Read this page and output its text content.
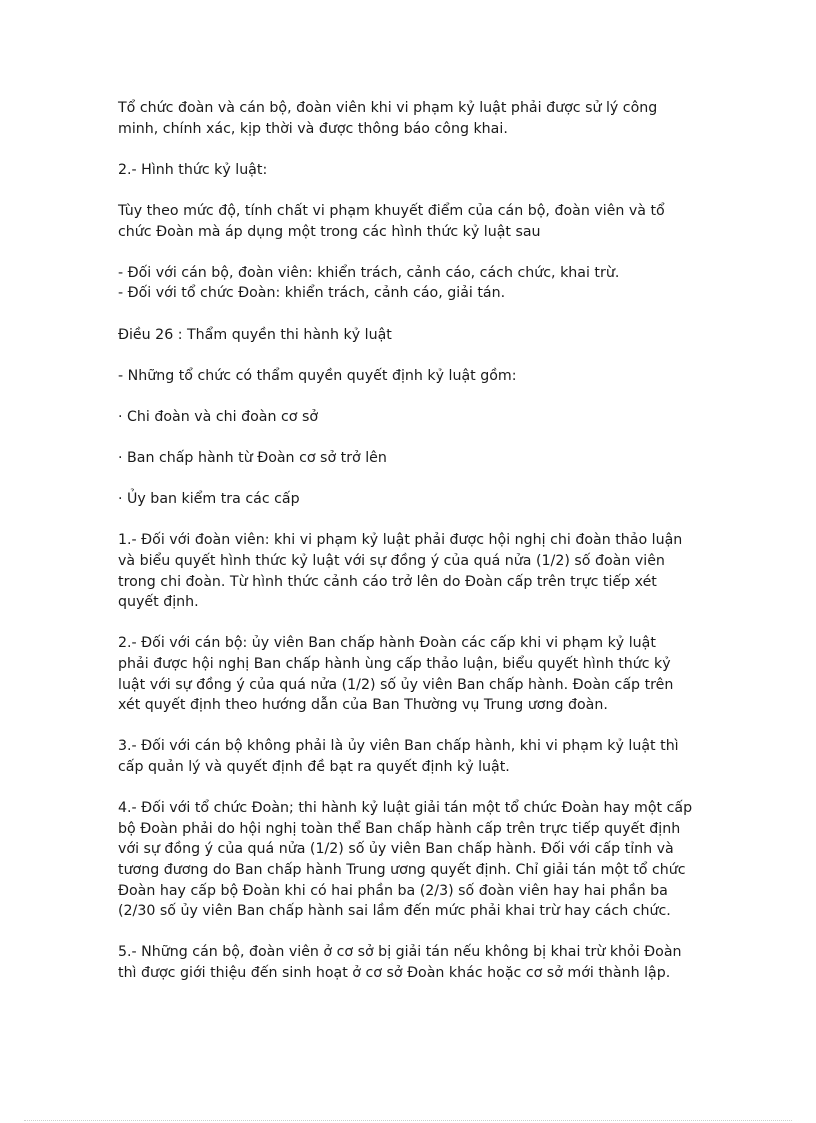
Tổ chức đoàn và cán bộ, đoàn viên khi vi phạm kỷ luật phải được sử lý công
minh, chính xác, kịp thời và được thông báo công khai.

2.- Hình thức kỷ luật:

Tùy theo mức độ, tính chất vi phạm khuyết điểm của cán bộ, đoàn viên và tổ
chức Đoàn mà áp dụng một trong các hình thức kỷ luật sau

- Đối với cán bộ, đoàn viên: khiển trách, cảnh cáo, cách chức, khai trừ.
- Đối với tổ chức Đoàn: khiển trách, cảnh cáo, giải tán.

Điều 26 : Thẩm quyền thi hành kỷ luật

- Những tổ chức có thẩm quyền quyết định kỷ luật gồm:

· Chi đoàn và chi đoàn cơ sở

· Ban chấp hành từ Đoàn cơ sở trở lên

· Ủy ban kiểm tra các cấp

1.- Đối với đoàn viên: khi vi phạm kỷ luật phải được hội nghị chi đoàn thảo luận
và biểu quyết hình thức kỷ luật với sự đồng ý của quá nửa (1/2) số đoàn viên
trong chi đoàn. Từ hình thức cảnh cáo trở lên do Đoàn cấp trên trực tiếp xét
quyết định.

2.- Đối với cán bộ: ủy viên Ban chấp hành Đoàn các cấp khi vi phạm kỷ luật
phải được hội nghị Ban chấp hành ùng cấp thảo luận, biểu quyết hình thức kỷ
luật với sự đồng ý của quá nửa (1/2) số ủy viên Ban chấp hành. Đoàn cấp trên
xét quyết định theo hướng dẫn của Ban Thường vụ Trung ương đoàn.

3.- Đối với cán bộ không phải là ủy viên Ban chấp hành, khi vi phạm kỷ luật thì
cấp quản lý và quyết định đề bạt ra quyết định kỷ luật.

4.- Đối với tổ chức Đoàn; thi hành kỷ luật giải tán một tổ chức Đoàn hay một cấp
bộ Đoàn phải do hội nghị toàn thể Ban chấp hành cấp trên trực tiếp quyết định
với sự đồng ý của quá nửa (1/2) số ủy viên Ban chấp hành. Đối với cấp tỉnh và
tương đương do Ban chấp hành Trung ương quyết định. Chỉ giải tán một tổ chức
Đoàn hay cấp bộ Đoàn khi có hai phần ba (2/3) số đoàn viên hay hai phần ba
(2/30 số ủy viên Ban chấp hành sai lầm đến mức phải khai trừ hay cách chức.

5.- Những cán bộ, đoàn viên ở cơ sở bị giải tán nếu không bị khai trừ khỏi Đoàn
thì được giới thiệu đến sinh hoạt ở cơ sở Đoàn khác hoặc cơ sở mới thành lập.
